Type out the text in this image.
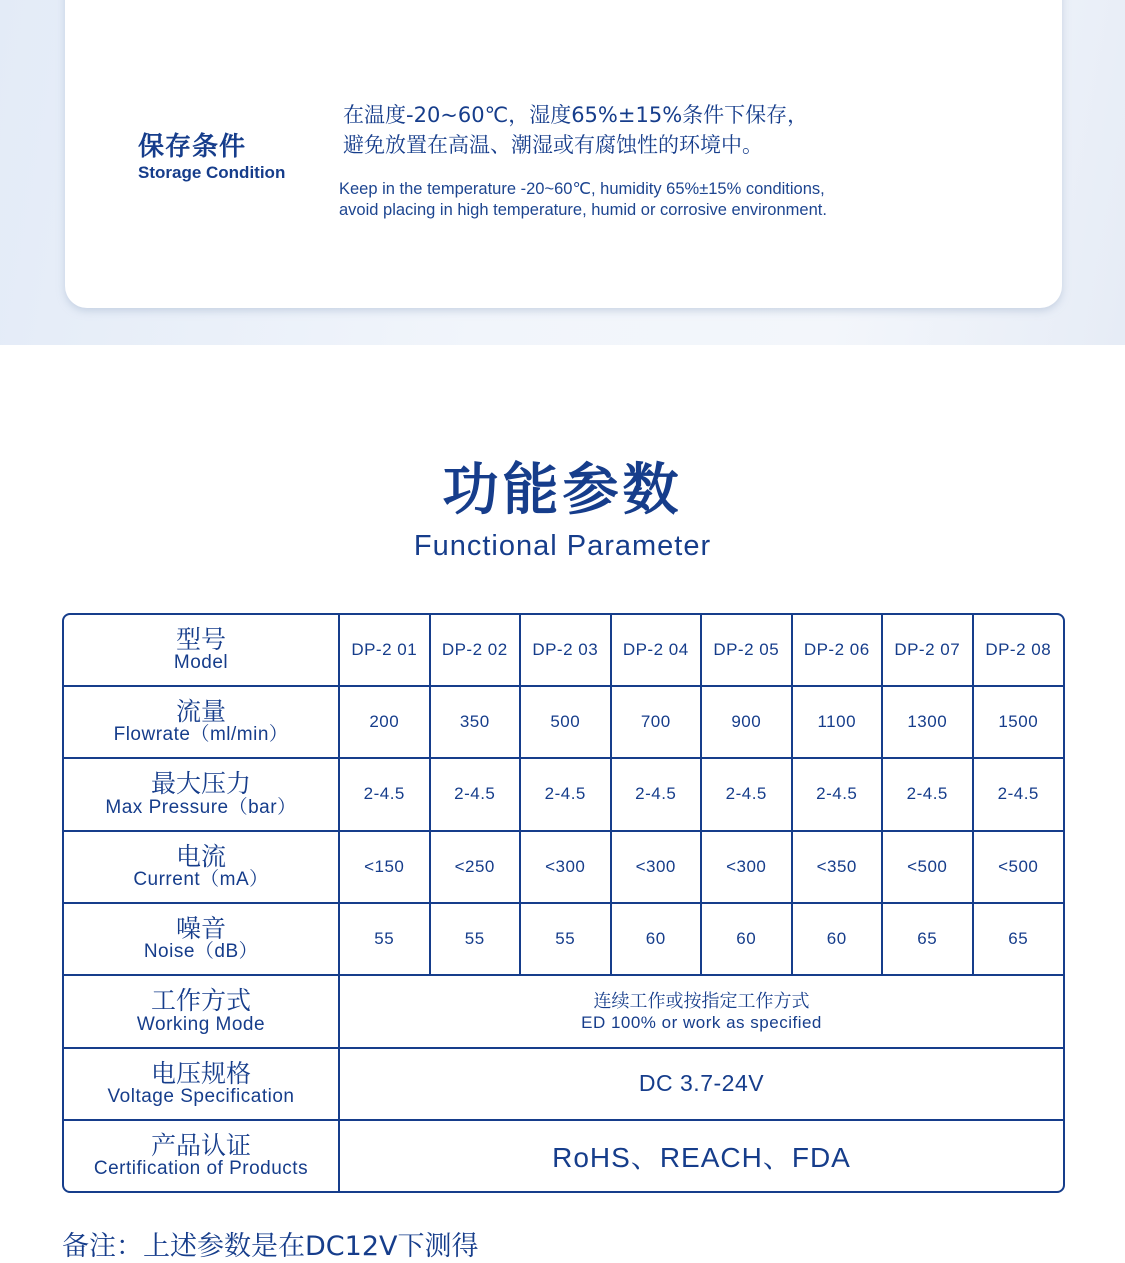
保存条件
Storage Condition
在温度-20~60℃，湿度65%±15%条件下保存，
避免放置在高温、潮湿或有腐蚀性的环境中。
Keep in the temperature -20~60℃, humidity 65%±15% conditions,
avoid placing in high temperature, humid or corrosive environment.
功能参数
Functional Parameter
型号
Model	DP-2 01	DP-2 02	DP-2 03	DP-2 04	DP-2 05	DP-2 06	DP-2 07	DP-2 08

流量
Flowrate（ml/min）	200	350	500	700	900	1100	1300	1500

最大压力
Max Pressure（bar）	2-4.5	2-4.5	2-4.5	2-4.5	2-4.5	2-4.5	2-4.5	2-4.5

电流
Current（mA）	<150	<250	<300	<300	<300	<350	<500	<500

噪音
Noise（dB）	55	55	55	60	60	60	65	65

工作方式
Working Mode	连续工作或按指定工作方式
ED 100% or work as specified							

电压规格
Voltage Specification	DC 3.7-24V							

产品认证
Certification of Products	RoHS、REACH、FDA							
备注：上述参数是在DC12V下测得
